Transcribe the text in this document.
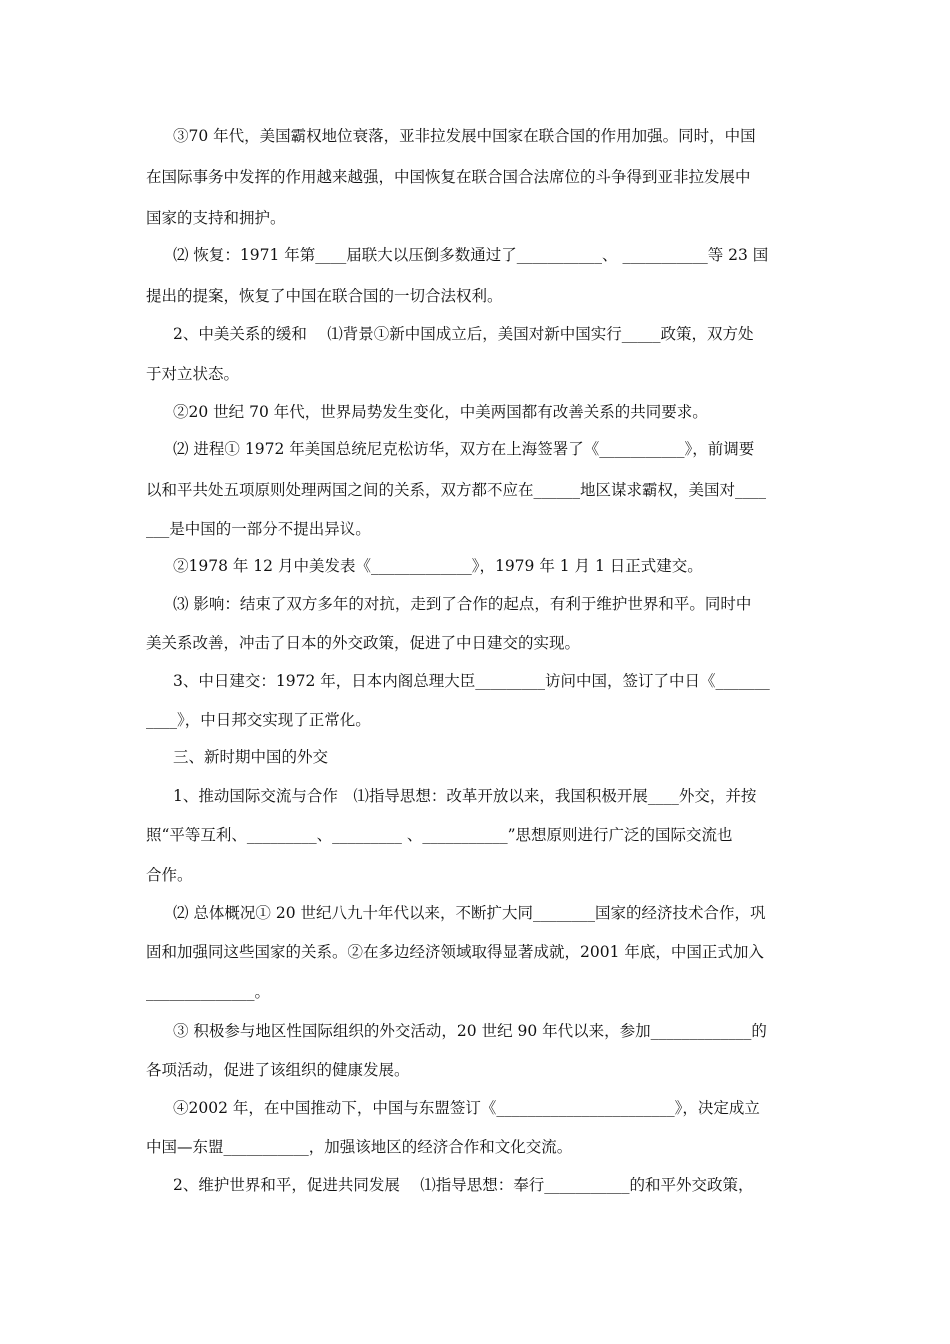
③70 年代，美国霸权地位衰落，亚非拉发展中国家在联合国的作用加强。同时，中国
在国际事务中发挥的作用越来越强，中国恢复在联合国合法席位的斗争得到亚非拉发展中
国家的支持和拥护。
⑵ 恢复：1971 年第____届联大以压倒多数通过了___________、 ___________等 23 国
提出的提案，恢复了中国在联合国的一切合法权利。
2、中美关系的缓和　 ⑴背景①新中国成立后，美国对新中国实行_____政策，双方处
于对立状态。
②20 世纪 70 年代，世界局势发生变化，中美两国都有改善关系的共同要求。
⑵ 进程① 1972 年美国总统尼克松访华，双方在上海签署了《___________》，前调要
以和平共处五项原则处理两国之间的关系，双方都不应在______地区谋求霸权，美国对____
___是中国的一部分不提出异议。
②1978 年 12 月中美发表《_____________》，1979 年 1 月 1 日正式建交。
⑶ 影响：结束了双方多年的对抗，走到了合作的起点，有利于维护世界和平。同时中
美关系改善，冲击了日本的外交政策，促进了中日建交的实现。
3、中日建交：1972 年，日本内阁总理大臣_________访问中国，签订了中日《_______
____》，中日邦交实现了正常化。
三、新时期中国的外交
1、推动国际交流与合作　⑴指导思想：改革开放以来，我国积极开展____外交，并按
照“平等互利、_________、_________ 、___________”思想原则进行广泛的国际交流也
合作。
⑵ 总体概况① 20 世纪八九十年代以来，不断扩大同________国家的经济技术合作，巩
固和加强同这些国家的关系。②在多边经济领域取得显著成就，2001 年底，中国正式加入
______________。
③ 积极参与地区性国际组织的外交活动，20 世纪 90 年代以来，参加_____________的
各项活动，促进了该组织的健康发展。
④2002 年，在中国推动下，中国与东盟签订《_______________________》，决定成立
中国—东盟___________，加强该地区的经济合作和文化交流。
2、维护世界和平，促进共同发展　 ⑴指导思想：奉行___________的和平外交政策，
